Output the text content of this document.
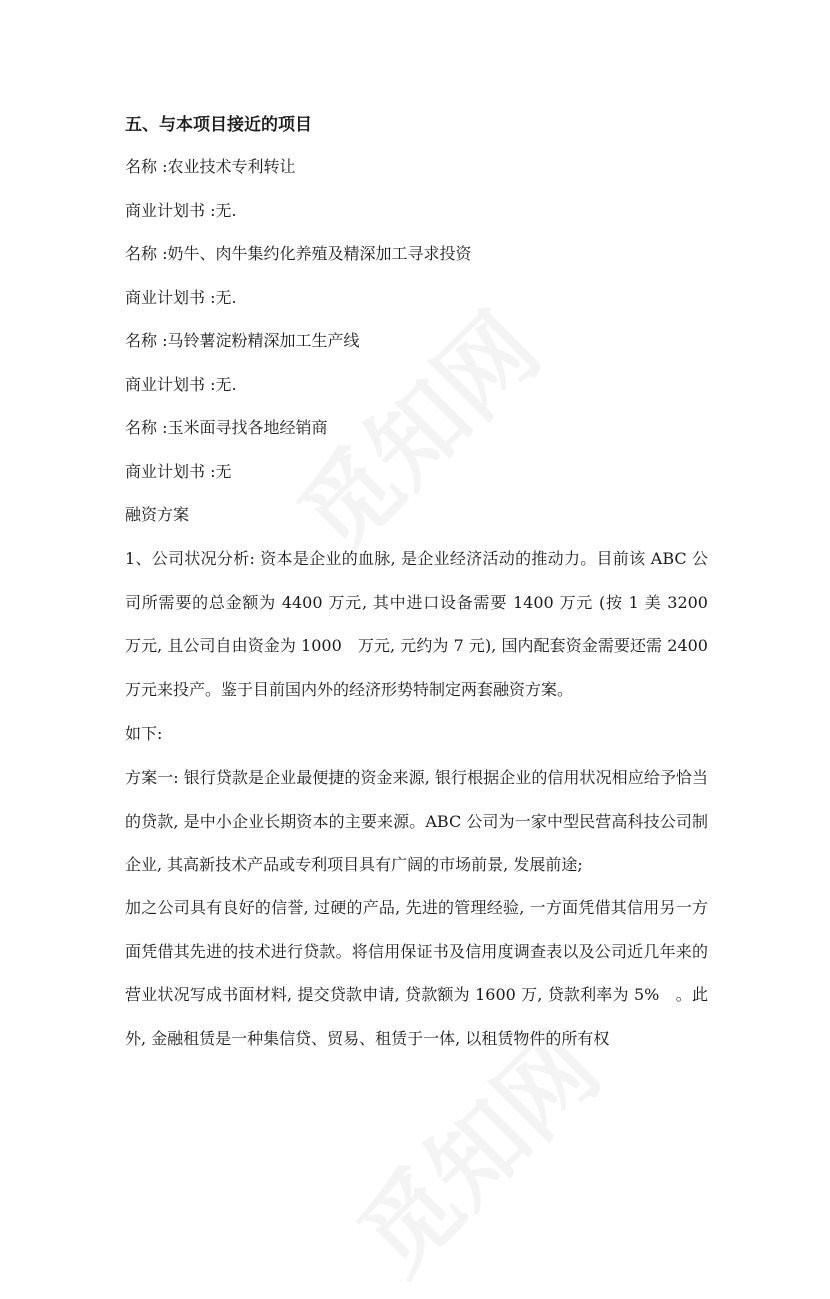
五、与本项目接近的项目
名称 :农业技术专利转让
商业计划书 :无.
名称 :奶牛、肉牛集约化养殖及精深加工寻求投资
商业计划书 :无.
名称 :马铃薯淀粉精深加工生产线
商业计划书 :无.
名称 :玉米面寻找各地经销商
商业计划书 :无
融资方案
1、公司状况分析: 资本是企业的血脉, 是企业经济活动的推动力。目前该 ABC 公司所需要的总金额为 4400 万元, 其中进口设备需要 1400 万元 (按 1 美 3200　万元, 且公司自由资金为 1000　万元, 元约为 7 元), 国内配套资金需要还需 2400 万元来投产。鉴于目前国内外的经济形势特制定两套融资方案。
如下:
方案一: 银行贷款是企业最便捷的资金来源, 银行根据企业的信用状况相应给予恰当的贷款, 是中小企业长期资本的主要来源。ABC 公司为一家中型民营高科技公司制企业, 其高新技术产品或专利项目具有广阔的市场前景, 发展前途;
加之公司具有良好的信誉, 过硬的产品, 先进的管理经验, 一方面凭借其信用另一方面凭借其先进的技术进行贷款。将信用保证书及信用度调查表以及公司近几年来的营业状况写成书面材料, 提交贷款申请, 贷款额为 1600 万, 贷款利率为 5%　。此外, 金融租赁是一种集信贷、贸易、租赁于一体, 以租赁物件的所有权
